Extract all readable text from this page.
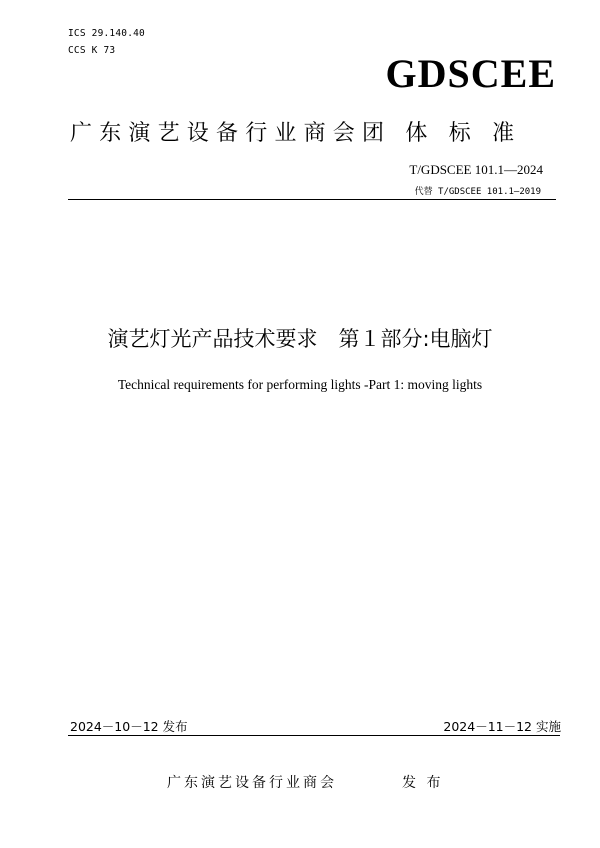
ICS 29.140.40
CCS K 73
GDSCEE
广东演艺设备行业商会团 体 标 准
T/GDSCEE 101.1—2024
代替 T/GDSCEE 101.1—2019
演艺灯光产品技术要求　第１部分:电脑灯
Technical requirements for performing lights -Part 1: moving lights
2024－10－12 发布	2024－11－12 实施
广东演艺设备行业商会	发 布
